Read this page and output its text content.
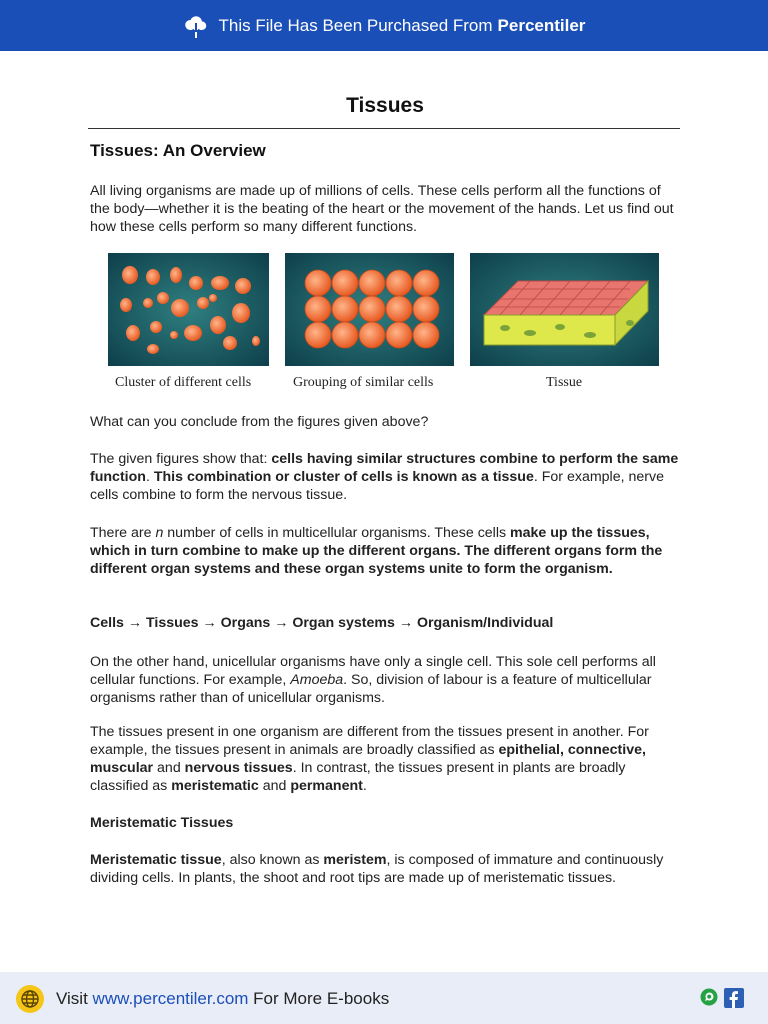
This File Has Been Purchased From Percentiler
Tissues
Tissues: An Overview

All living organisms are made up of millions of cells. These cells perform all the functions of the body—whether it is the beating of the heart or the movement of the hands. Let us find out how these cells perform so many different functions.

Cluster of different cells	Grouping of similar cells	Tissue

What can you conclude from the figures given above?

The given figures show that: cells having similar structures combine to perform the same function. This combination or cluster of cells is known as a tissue. For example, nerve cells combine to form the nervous tissue.

There are n number of cells in multicellular organisms. These cells make up the tissues, which in turn combine to make up the different organs. The different organs form the different organ systems and these organ systems unite to form the organism.

Cells → Tissues → Organs → Organ systems → Organism/Individual

On the other hand, unicellular organisms have only a single cell. This sole cell performs all cellular functions. For example, Amoeba. So, division of labour is a feature of multicellular organisms rather than of unicellular organisms.

The tissues present in one organism are different from the tissues present in another. For example, the tissues present in animals are broadly classified as epithelial, connective, muscular and nervous tissues. In contrast, the tissues present in plants are broadly classified as meristematic and permanent.

Meristematic Tissues

Meristematic tissue, also known as meristem, is composed of immature and continuously dividing cells. In plants, the shoot and root tips are made up of meristematic tissues.

Visit www.percentiler.com For More E-books
